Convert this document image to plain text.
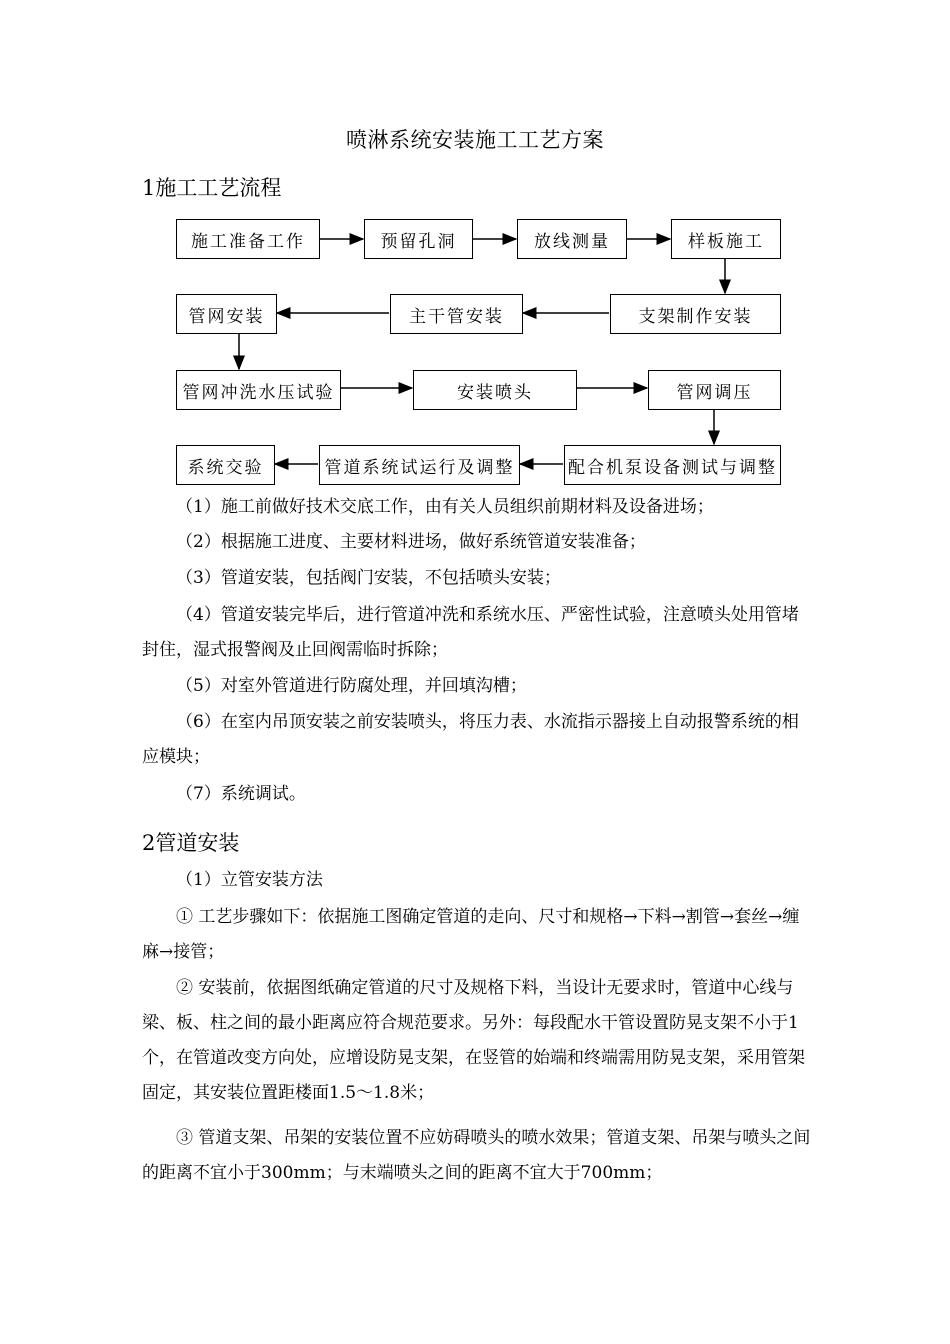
喷淋系统安装施工工艺方案
1施工工艺流程
施工准备工作	预留孔洞	放线测量	样板施工
管网安装	主干管安装	支架制作安装
管网冲洗水压试验	安装喷头	管网调压
系统交验	管道系统试运行及调整	配合机泵设备测试与调整
（1）施工前做好技术交底工作，由有关人员组织前期材料及设备进场；
（2）根据施工进度、主要材料进场，做好系统管道安装准备；
（3）管道安装，包括阀门安装，不包括喷头安装；
（4）管道安装完毕后，进行管道冲洗和系统水压、严密性试验，注意喷头处用管堵封住，湿式报警阀及止回阀需临时拆除；
（5）对室外管道进行防腐处理，并回填沟槽；
（6）在室内吊顶安装之前安装喷头，将压力表、水流指示器接上自动报警系统的相应模块；
（7）系统调试。
2管道安装
（1）立管安装方法
① 工艺步骤如下：依据施工图确定管道的走向、尺寸和规格→下料→割管→套丝→缠麻→接管；
② 安装前，依据图纸确定管道的尺寸及规格下料，当设计无要求时，管道中心线与梁、板、柱之间的最小距离应符合规范要求。另外：每段配水干管设置防晃支架不小于1个，在管道改变方向处，应增设防晃支架，在竖管的始端和终端需用防晃支架，采用管架固定，其安装位置距楼面1.5～1.8米；
③ 管道支架、吊架的安装位置不应妨碍喷头的喷水效果；管道支架、吊架与喷头之间的距离不宜小于300mm；与末端喷头之间的距离不宜大于700mm；
